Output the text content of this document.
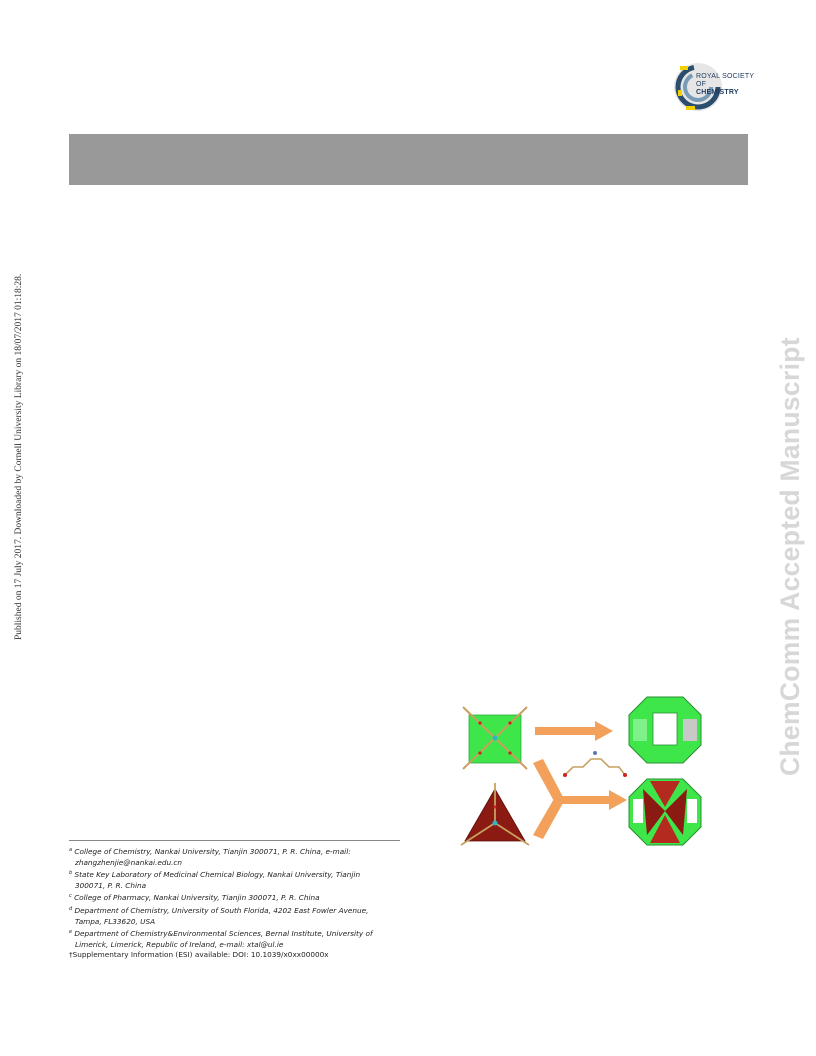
ROYAL SOCIETY
OF
CHEMISTRY
Published on 17 July 2017. Downloaded by Cornell University Library on 18/07/2017 01:18:28.	ChemComm Accepted Manuscript
$^a$ College of Chemistry, Nankai University, Tianjin 300071, P. R. China, e-mail:
zhangzhenjie@nankai.edu.cn
$^b$ State Key Laboratory of Medicinal Chemical Biology, Nankai University, Tianjin
300071, P. R. China
$^c$ College of Pharmacy, Nankai University, Tianjin 300071, P. R. China
$^d$ Department of Chemistry, University of South Florida, 4202 East Fowler Avenue,
Tampa, FL33620, USA
$^e$ Department of Chemistry&Environmental Sciences, Bernal Institute, University of
Limerick, Limerick, Republic of Ireland, e-mail: xtal@ul.ie
†Supplementary Information (ESI) available: DOI: 10.1039/x0xx00000x
